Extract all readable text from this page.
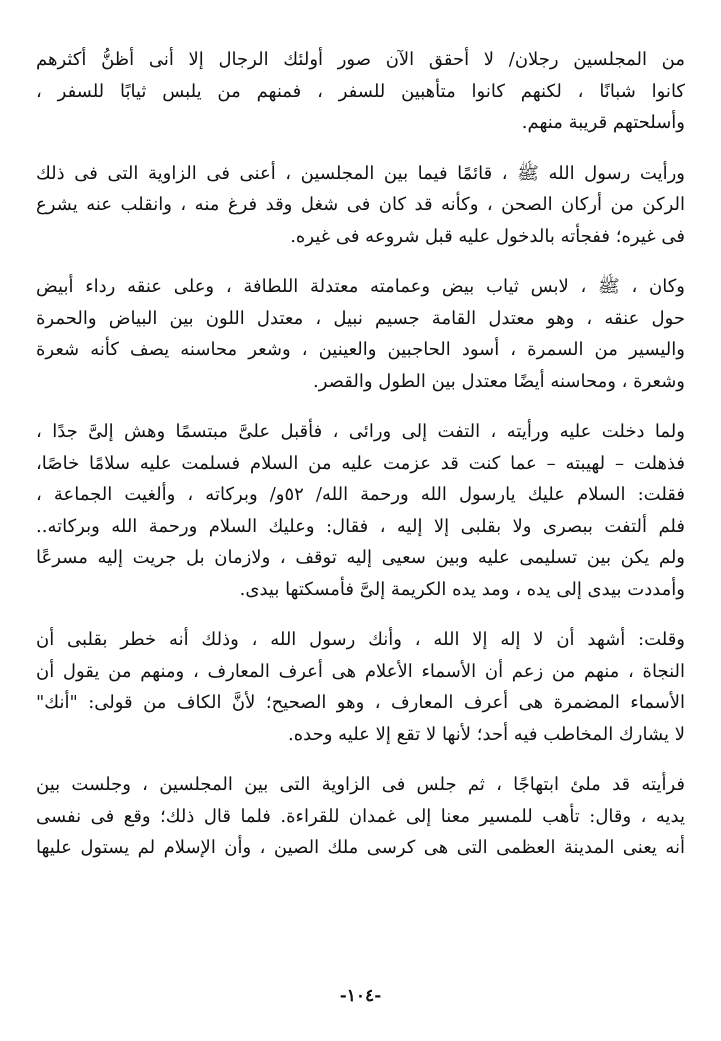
من المجلسين رجلان/ لا أحقق الآن صور أولئك الرجال إلا أنى أظنُّ أكثرهم
كانوا شبانًا ، لكنهم كانوا متأهبين للسفر ، فمنهم من يلبس ثيابًا للسفر ،
وأسلحتهم قريبة منهم.

ورأيت رسول الله ﷺ ، قائمًا فيما بين المجلسين ، أعنى فى الزاوية التى فى ذلك
الركن من أركان الصحن ، وكأنه قد كان فى شغل وقد فرغ منه ، وانقلب عنه يشرع
فى غيره؛ ففجأته بالدخول عليه قبل شروعه فى غيره.

وكان ، ﷺ ، لابس ثياب بيض وعمامته معتدلة اللطافة ، وعلى عنقه رداء أبيض
حول عنقه ، وهو معتدل القامة جسيم نبيل ، معتدل اللون بين البياض والحمرة
واليسير من السمرة ، أسود الحاجبين والعينين ، وشعر محاسنه يصف كأنه شعرة
وشعرة ، ومحاسنه أيضًا معتدل بين الطول والقصر.

ولما دخلت عليه ورأيته ، التفت إلى ورائى ، فأقبل علىَّ مبتسمًا وهش إلىَّ جدًا ،
فذهلت – لهيبته – عما كنت قد عزمت عليه من السلام فسلمت عليه سلامًا خاصًا،
فقلت: السلام عليك يارسول الله ورحمة الله/ ٥٢و/ وبركاته ، وألغيت الجماعة ،
فلم ألتفت ببصرى ولا بقلبى إلا إليه ، فقال: وعليك السلام ورحمة الله وبركاته..
ولم يكن بين تسليمى عليه وبين سعيى إليه توقف ، ولازمان بل جريت إليه مسرعًا
وأمددت بيدى إلى يده ، ومد يده الكريمة إلىَّ فأمسكتها بيدى.

وقلت: أشهد أن لا إله إلا الله ، وأنك رسول الله ، وذلك أنه خطر بقلبى أن
النجاة ، منهم من زعم أن الأسماء الأعلام هى أعرف المعارف ، ومنهم من يقول أن
الأسماء المضمرة هى أعرف المعارف ، وهو الصحيح؛ لأنَّ الكاف من قولى: "أنك"
لا يشارك المخاطب فيه أحد؛ لأنها لا تقع إلا عليه وحده.

فرأيته قد ملئ ابتهاجًا ، ثم جلس فى الزاوية التى بين المجلسين ، وجلست بين
يديه ، وقال: تأهب للمسير معنا إلى غمدان للقراءة. فلما قال ذلك؛ وقع فى نفسى
أنه يعنى المدينة العظمى التى هى كرسى ملك الصين ، وأن الإسلام لم يستول عليها

-١٠٤-
